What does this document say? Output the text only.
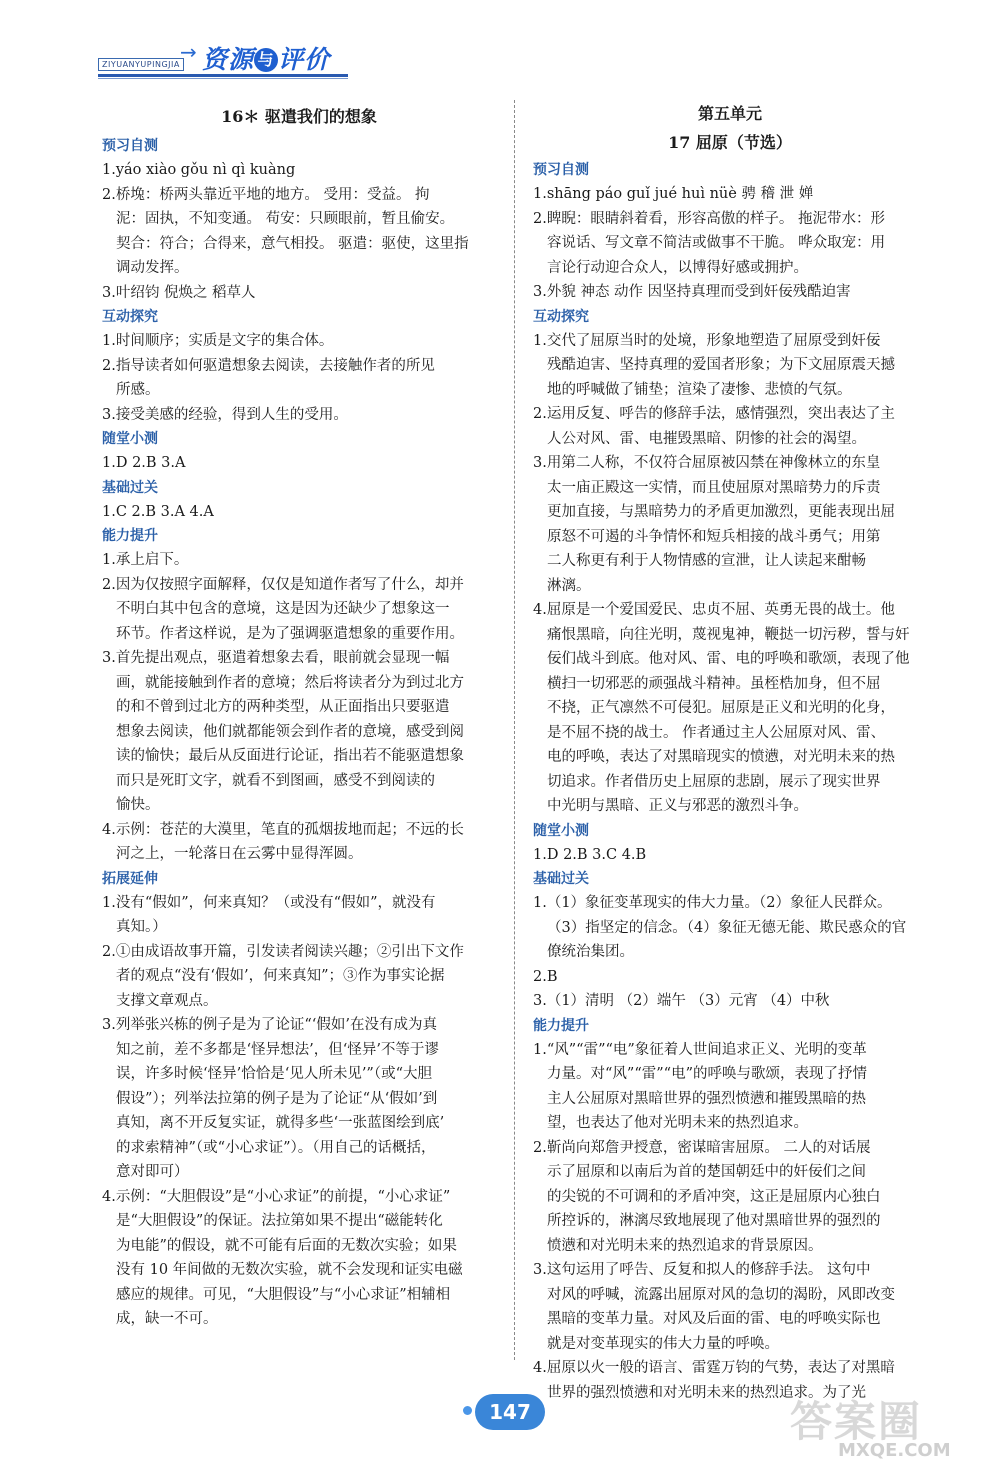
ZIYUANYUPINGJIA
→ 资源 与 评价
16＊ 驱遣我们的想象
预习自测
1.yáo xiào gǒu nì qì kuàng
2.桥堍：桥两头靠近平地的地方。 受用：受益。 拘
泥：固执，不知变通。 苟安：只顾眼前，暂且偷安。
契合：符合；合得来，意气相投。 驱遣：驱使，这里指
调动发挥。
3.叶绍钧 倪焕之 稻草人
互动探究
1.时间顺序；实质是文字的集合体。
2.指导读者如何驱遣想象去阅读，去接触作者的所见
所感。
3.接受美感的经验，得到人生的受用。
随堂小测
1.D 2.B 3.A
基础过关
1.C 2.B 3.A 4.A
能力提升
1.承上启下。
2.因为仅按照字面解释，仅仅是知道作者写了什么，却并
不明白其中包含的意境，这是因为还缺少了想象这一
环节。作者这样说，是为了强调驱遣想象的重要作用。
3.首先提出观点，驱遣着想象去看，眼前就会显现一幅
画，就能接触到作者的意境；然后将读者分为到过北方
的和不曾到过北方的两种类型，从正面指出只要驱遣
想象去阅读，他们就都能领会到作者的意境，感受到阅
读的愉快；最后从反面进行论证，指出若不能驱遣想象
而只是死盯文字，就看不到图画，感受不到阅读的
愉快。
4.示例：苍茫的大漠里，笔直的孤烟拔地而起；不远的长
河之上，一轮落日在云雾中显得浑圆。
拓展延伸
1.没有“假如”，何来真知？（或没有“假如”，就没有
真知。）
2.①由成语故事开篇，引发读者阅读兴趣；②引出下文作
者的观点“没有‘假如’，何来真知”；③作为事实论据
支撑文章观点。
3.列举张兴栋的例子是为了论证“‘假如’在没有成为真
知之前，差不多都是‘怪异想法’，但‘怪异’不等于谬
误，许多时候‘怪异’恰恰是‘见人所未见’”（或“大胆
假设”）；列举法拉第的例子是为了论证“从‘假如’到
真知，离不开反复实证，就得多些‘一张蓝图绘到底’
的求索精神”（或“小心求证”）。（用自己的话概括，
意对即可）
4.示例：“大胆假设”是“小心求证”的前提，“小心求证”
是“大胆假设”的保证。法拉第如果不提出“磁能转化
为电能”的假设，就不可能有后面的无数次实验；如果
没有 10 年间做的无数次实验，就不会发现和证实电磁
感应的规律。可见，“大胆假设”与“小心求证”相辅相
成，缺一不可。
第五单元
17 屈原（节选）
预习自测
1.shāng páo guǐ jué huì nüè 骋 稽 泄 婵
2.睥睨：眼睛斜着看，形容高傲的样子。 拖泥带水：形
容说话、写文章不简洁或做事不干脆。 哗众取宠：用
言论行动迎合众人，以博得好感或拥护。
3.外貌 神态 动作 因坚持真理而受到奸佞残酷迫害
互动探究
1.交代了屈原当时的处境，形象地塑造了屈原受到奸佞
残酷迫害、坚持真理的爱国者形象；为下文屈原震天撼
地的呼喊做了铺垫；渲染了凄惨、悲愤的气氛。
2.运用反复、呼告的修辞手法，感情强烈，突出表达了主
人公对风、雷、电摧毁黑暗、阴惨的社会的渴望。
3.用第二人称，不仅符合屈原被囚禁在神像林立的东皇
太一庙正殿这一实情，而且使屈原对黑暗势力的斥责
更加直接，与黑暗势力的矛盾更加激烈，更能表现出屈
原怒不可遏的斗争情怀和短兵相接的战斗勇气；用第
二人称更有利于人物情感的宣泄，让人读起来酣畅
淋漓。
4.屈原是一个爱国爱民、忠贞不屈、英勇无畏的战士。他
痛恨黑暗，向往光明，蔑视鬼神，鞭挞一切污秽，誓与奸
佞们战斗到底。他对风、雷、电的呼唤和歌颂，表现了他
横扫一切邪恶的顽强战斗精神。虽桎梏加身，但不屈
不挠，正气凛然不可侵犯。屈原是正义和光明的化身，
是不屈不挠的战士。 作者通过主人公屈原对风、雷、
电的呼唤，表达了对黑暗现实的愤懑，对光明未来的热
切追求。作者借历史上屈原的悲剧，展示了现实世界
中光明与黑暗、正义与邪恶的激烈斗争。
随堂小测
1.D 2.B 3.C 4.B
基础过关
1.（1）象征变革现实的伟大力量。（2）象征人民群众。
（3）指坚定的信念。（4）象征无德无能、欺民惑众的官
僚统治集团。
2.B
3.（1）清明 （2）端午 （3）元宵 （4）中秋
能力提升
1.“风”“雷”“电”象征着人世间追求正义、光明的变革
力量。对“风”“雷”“电”的呼唤与歌颂，表现了抒情
主人公屈原对黑暗世界的强烈愤懑和摧毁黑暗的热
望，也表达了他对光明未来的热烈追求。
2.靳尚向郑詹尹授意，密谋暗害屈原。 二人的对话展
示了屈原和以南后为首的楚国朝廷中的奸佞们之间
的尖锐的不可调和的矛盾冲突，这正是屈原内心独白
所控诉的，淋漓尽致地展现了他对黑暗世界的强烈的
愤懑和对光明未来的热烈追求的背景原因。
3.这句运用了呼告、反复和拟人的修辞手法。 这句中
对风的呼喊，流露出屈原对风的急切的渴盼，风即改变
黑暗的变革力量。对风及后面的雷、电的呼唤实际也
就是对变革现实的伟大力量的呼唤。
4.屈原以火一般的语言、雷霆万钧的气势，表达了对黑暗
世界的强烈愤懑和对光明未来的热烈追求。为了光
147	答案圈
MXQE.COM
